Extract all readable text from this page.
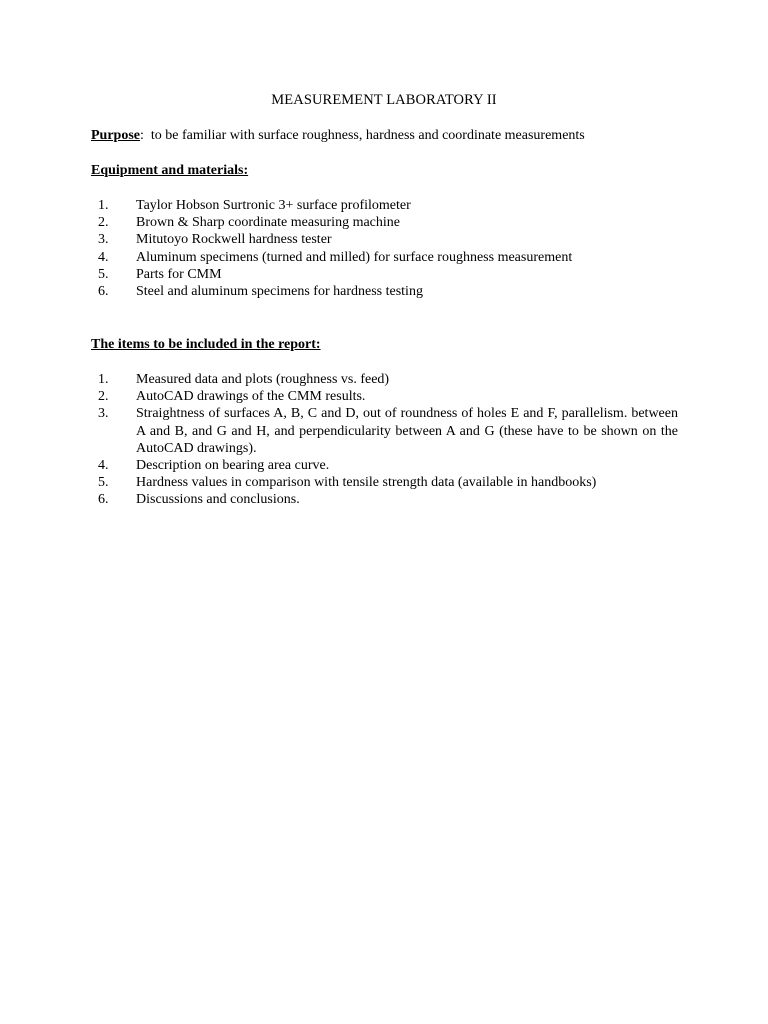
MEASUREMENT LABORATORY II
Purpose:  to be familiar with surface roughness, hardness and coordinate measurements
Equipment and materials:
1.	Taylor Hobson Surtronic 3+ surface profilometer
2.	Brown & Sharp coordinate measuring machine
3.	Mitutoyo Rockwell hardness tester
4.	Aluminum specimens (turned and milled) for surface roughness measurement
5.	Parts for CMM
6.	Steel and aluminum specimens for hardness testing
The items to be included in the report:
1.	Measured data and plots (roughness vs. feed)
2.	AutoCAD drawings of the CMM results.
3.	Straightness of surfaces A, B, C and D, out of roundness of holes E and F, parallelism. between A and B, and G and H, and perpendicularity between A and G (these have to be shown on the AutoCAD drawings).
4.	Description on bearing area curve.
5.	Hardness values in comparison with tensile strength data (available in handbooks)
6.	Discussions and conclusions.
